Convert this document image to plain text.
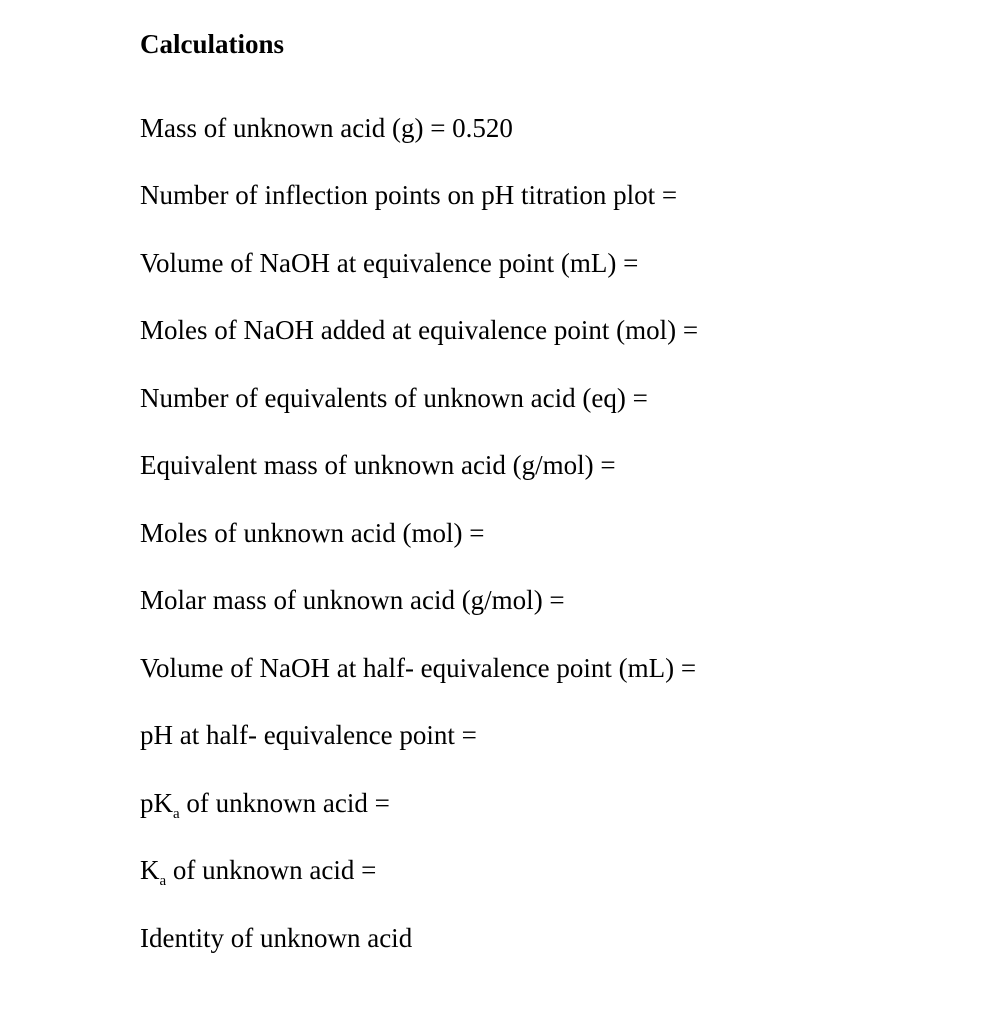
Calculations
Mass of unknown acid (g) = 0.520
Number of inflection points on pH titration plot =
Volume of NaOH at equivalence point (mL) =
Moles of NaOH added at equivalence point (mol) =
Number of equivalents of unknown acid (eq) =
Equivalent mass of unknown acid (g/mol) =
Moles of unknown acid (mol) =
Molar mass of unknown acid (g/mol) =
Volume of NaOH at half- equivalence point (mL) =
pH at half- equivalence point =
$pK_a$ of unknown acid =
$K_a$ of unknown acid =
Identity of unknown acid
